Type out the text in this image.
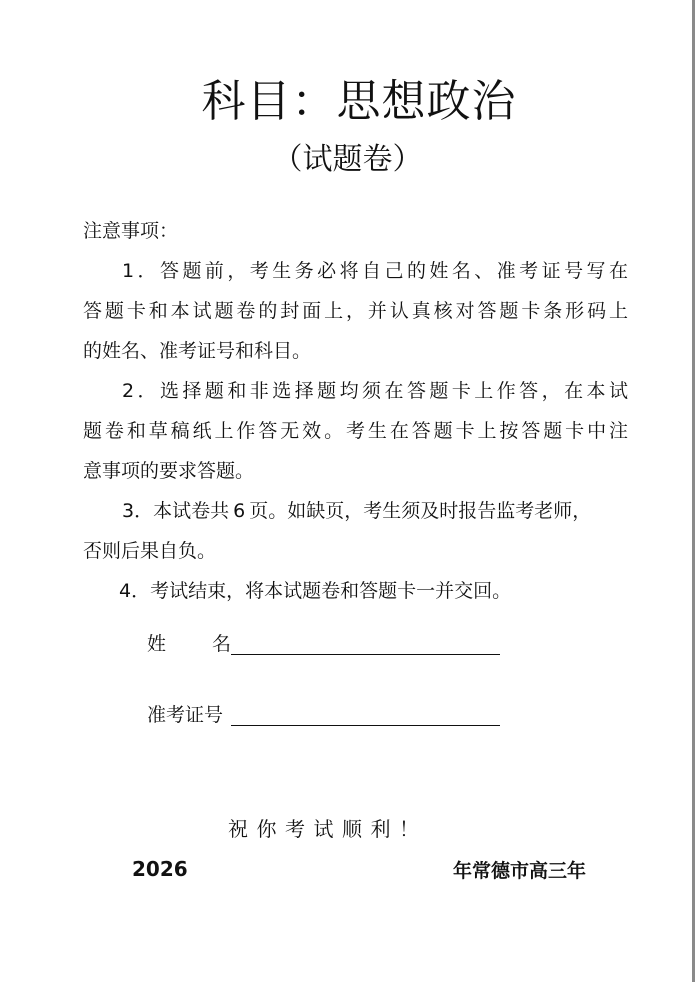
科目：思想政治
（试题卷）
注意事项：
1．答题前，考生务必将自己的姓名、准考证号写在
答题卡和本试题卷的封面上，并认真核对答题卡条形码上
的姓名、准考证号和科目。
2．选择题和非选择题均须在答题卡上作答，在本试
题卷和草稿纸上作答无效。考生在答题卡上按答题卡中注
意事项的要求答题。
3．本试卷共 6 页。如缺页，考生须及时报告监考老师，
否则后果自负。
4．考试结束，将本试题卷和答题卡一并交回。
姓名
准考证号
祝你考试顺利！
2026	年常德市高三年
